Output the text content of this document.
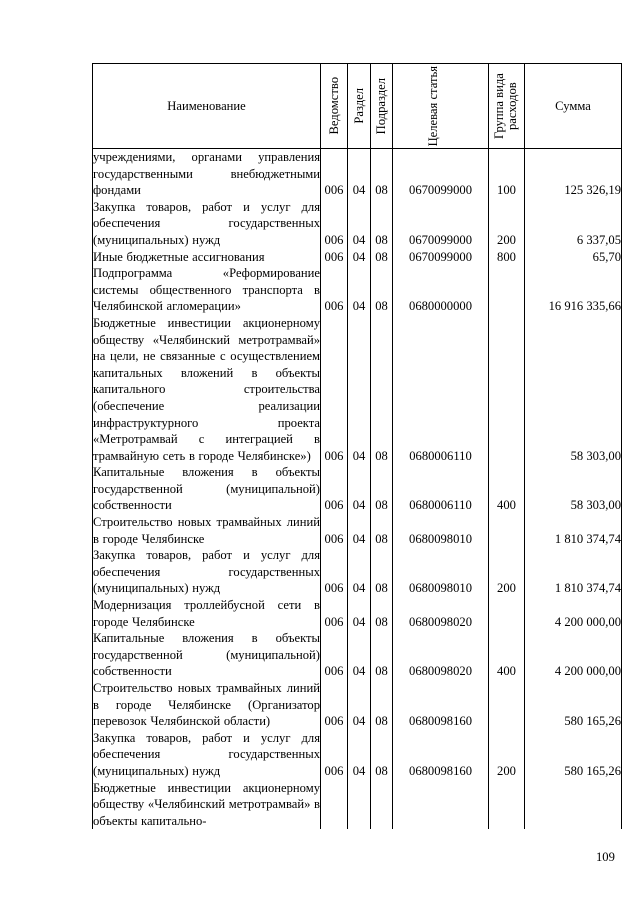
Наименование	Ведомство	Раздел	Подраздел	Целевая статья	Группа вида расходов	Сумма
учреждениями, органами управления государственными внебюджетными фондами	006	04	08	0670099000	100	125 326,19
Закупка товаров, работ и услуг для обеспечения государственных (муниципальных) нужд	006	04	08	0670099000	200	6 337,05
Иные бюджетные ассигнования	006	04	08	0670099000	800	65,70
Подпрограмма «Реформирование системы общественного транспорта в Челябинской агломерации»	006	04	08	0680000000		16 916 335,66
Бюджетные инвестиции акционерному обществу «Челябинский метротрамвай» на цели, не связанные с осуществлением капитальных вложений в объекты капитального строительства (обеспечение реализации инфраструктурного проекта «Метротрамвай с интеграцией в трамвайную сеть в городе Челябинске»)	006	04	08	0680006110		58 303,00
Капитальные вложения в объекты государственной (муниципальной) собственности	006	04	08	0680006110	400	58 303,00
Строительство новых трамвайных линий в городе Челябинске	006	04	08	0680098010		1 810 374,74
Закупка товаров, работ и услуг для обеспечения государственных (муниципальных) нужд	006	04	08	0680098010	200	1 810 374,74
Модернизация троллейбусной сети в городе Челябинске	006	04	08	0680098020		4 200 000,00
Капитальные вложения в объекты государственной (муниципальной) собственности	006	04	08	0680098020	400	4 200 000,00
Строительство новых трамвайных линий в городе Челябинске (Организатор перевозок Челябинской области)	006	04	08	0680098160		580 165,26
Закупка товаров, работ и услуг для обеспечения государственных (муниципальных) нужд	006	04	08	0680098160	200	580 165,26
Бюджетные инвестиции акционерному обществу «Челябинский метротрамвай» в объекты капитально-						
109
